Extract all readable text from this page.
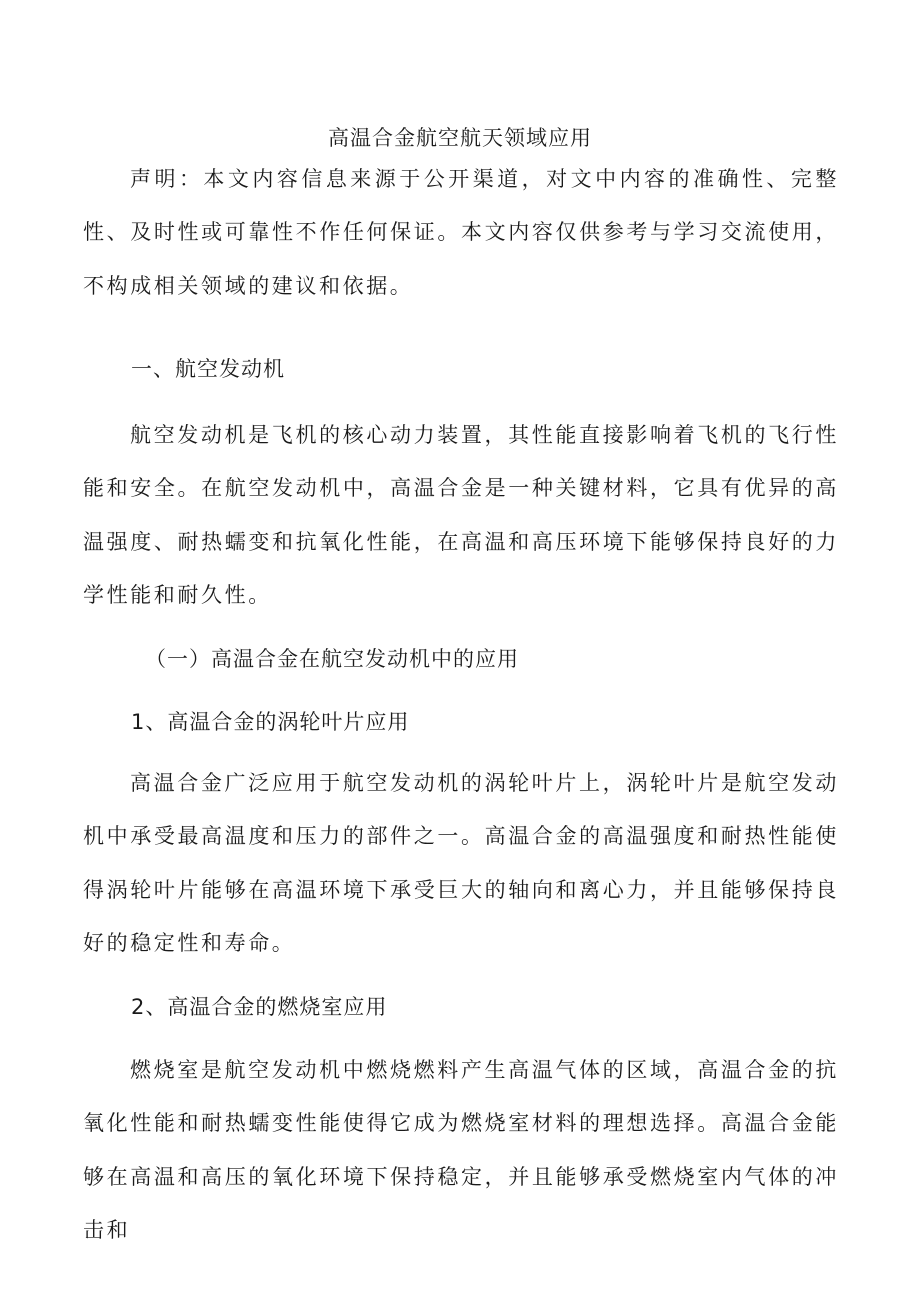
高温合金航空航天领域应用

声明：本文内容信息来源于公开渠道，对文中内容的准确性、完整性、及时性或可靠性不作任何保证。本文内容仅供参考与学习交流使用，不构成相关领域的建议和依据。

一、航空发动机

航空发动机是飞机的核心动力装置，其性能直接影响着飞机的飞行性能和安全。在航空发动机中，高温合金是一种关键材料，它具有优异的高温强度、耐热蠕变和抗氧化性能，在高温和高压环境下能够保持良好的力学性能和耐久性。

（一）高温合金在航空发动机中的应用
1、高温合金的涡轮叶片应用

高温合金广泛应用于航空发动机的涡轮叶片上，涡轮叶片是航空发动机中承受最高温度和压力的部件之一。高温合金的高温强度和耐热性能使得涡轮叶片能够在高温环境下承受巨大的轴向和离心力，并且能够保持良好的稳定性和寿命。

2、高温合金的燃烧室应用

燃烧室是航空发动机中燃烧燃料产生高温气体的区域，高温合金的抗氧化性能和耐热蠕变性能使得它成为燃烧室材料的理想选择。高温合金能够在高温和高压的氧化环境下保持稳定，并且能够承受燃烧室内气体的冲击和
